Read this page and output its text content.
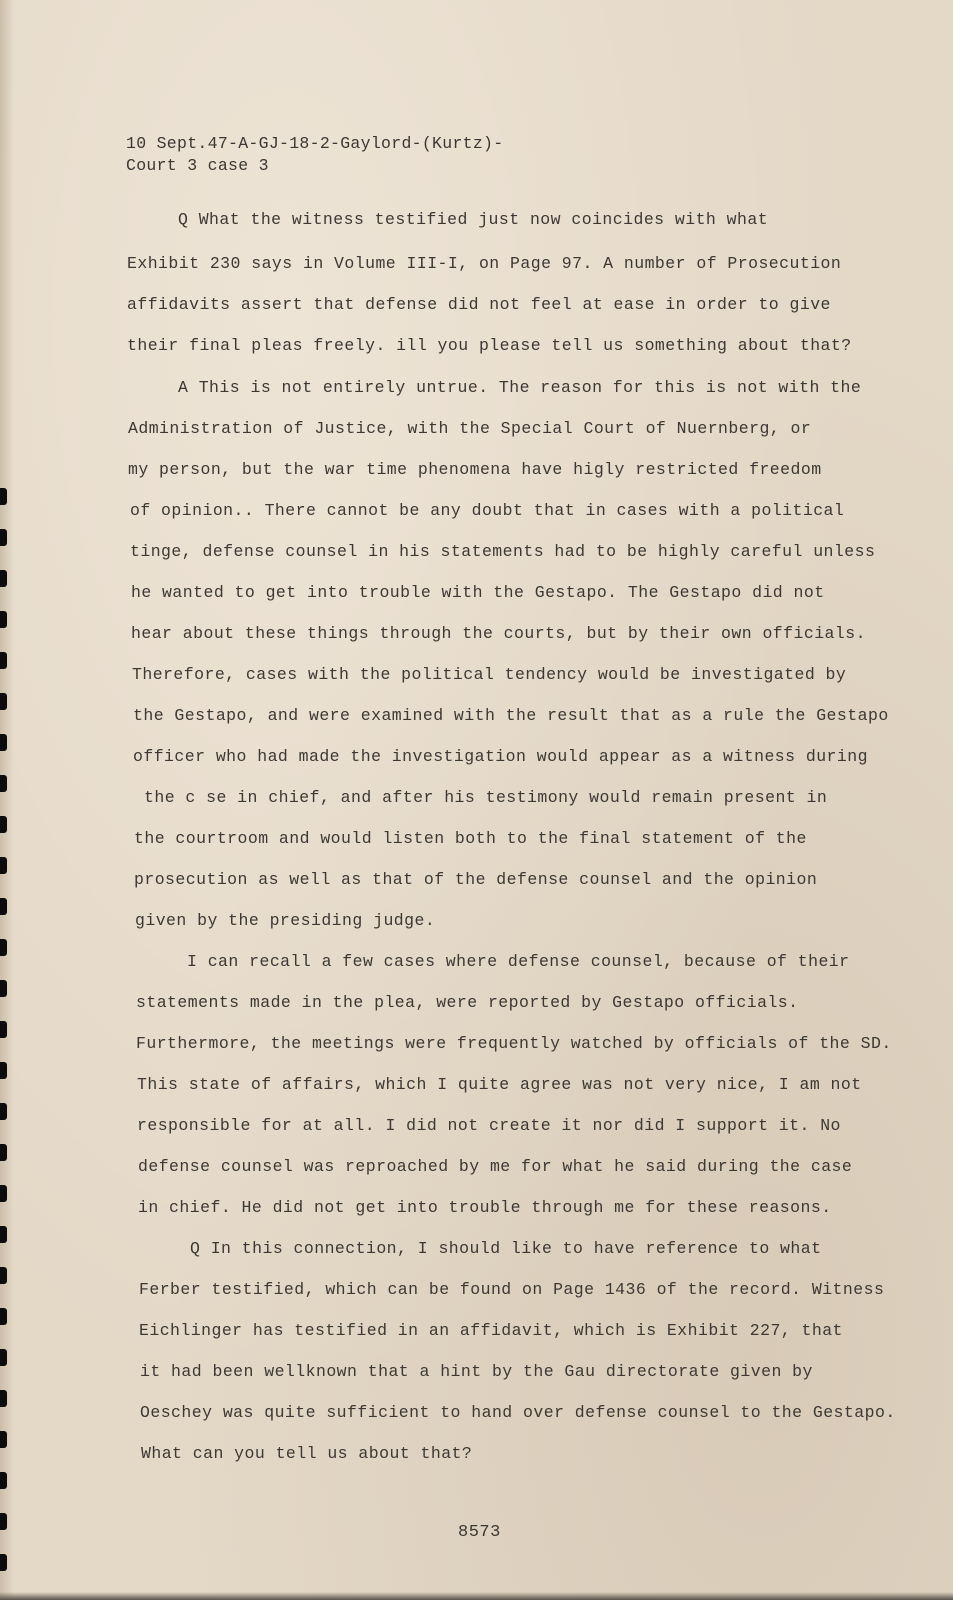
10 Sept.47-A-GJ-18-2-Gaylord-(Kurtz)-
Court 3 case 3
Q What the witness testified just now coincides with what
Exhibit 230 says in Volume III-I, on Page 97. A number of Prosecution
affidavits assert that defense did not feel at ease in order to give
their final pleas freely. ill you please tell us something about that?
A This is not entirely untrue. The reason for this is not with the
Administration of Justice, with the Special Court of Nuernberg, or
my person, but the war time phenomena have higly restricted freedom
of opinion.. There cannot be any doubt that in cases with a political
tinge, defense counsel in his statements had to be highly careful unless
he wanted to get into trouble with the Gestapo. The Gestapo did not
hear about these things through the courts, but by their own officials.
Therefore, cases with the political tendency would be investigated by
the Gestapo, and were examined with the result that as a rule the Gestapo
officer who had made the investigation would appear as a witness during
the c se in chief, and after his testimony would remain present in
the courtroom and would listen both to the final statement of the
prosecution as well as that of the defense counsel and the opinion
given by the presiding judge.
I can recall a few cases where defense counsel, because of their
statements made in the plea, were reported by Gestapo officials.
Furthermore, the meetings were frequently watched by officials of the SD.
This state of affairs, which I quite agree was not very nice, I am not
responsible for at all. I did not create it nor did I support it. No
defense counsel was reproached by me for what he said during the case
in chief. He did not get into trouble through me for these reasons.
Q In this connection, I should like to have reference to what
Ferber testified, which can be found on Page 1436 of the record. Witness
Eichlinger has testified in an affidavit, which is Exhibit 227, that
it had been wellknown that a hint by the Gau directorate given by
Oeschey was quite sufficient to hand over defense counsel to the Gestapo.
What can you tell us about that?
8573
